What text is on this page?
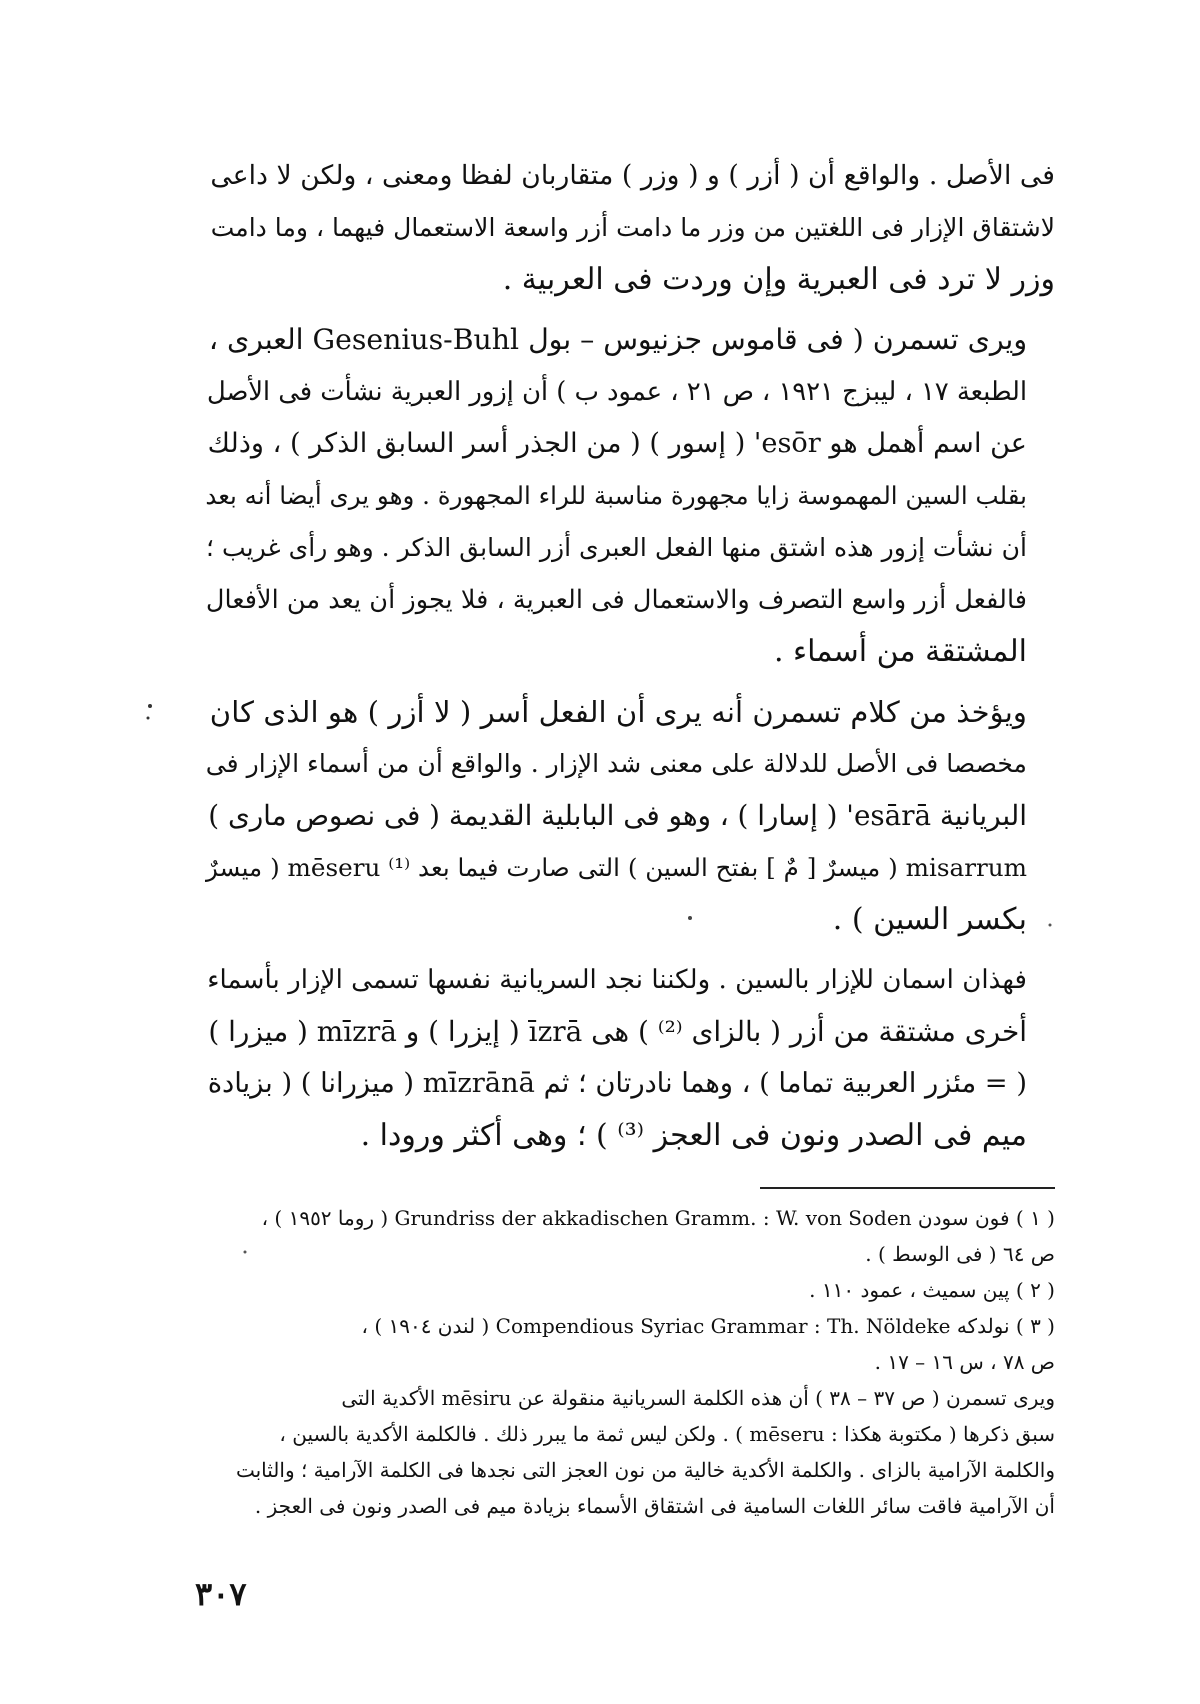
فى الأصل . والواقع أن ( أزر ) و ( وزر ) متقاربان لفظا ومعنى ، ولكن لا داعى
لاشتقاق الإزار فى اللغتين من وزر ما دامت أزر واسعة الاستعمال فيهما ، وما دامت
وزر لا ترد فى العبرية وإن وردت فى العربية .

ويرى تسمرن ( فى قاموس جزنيوس – بول Gesenius-Buhl العبرى ،
الطبعة ١٧ ، ليبزج ١٩٢١ ، ص ٢١ ، عمود ب ) أن إزور العبرية نشأت فى الأصل
عن اسم أهمل هو esōr' ( إسور ) ( من الجذر أسر السابق الذكر ) ، وذلك
بقلب السين المهموسة زايا مجهورة مناسبة للراء المجهورة . وهو يرى أيضا أنه بعد
أن نشأت إزور هذه اشتق منها الفعل العبرى أزر السابق الذكر . وهو رأى غريب ؛
فالفعل أزر واسع التصرف والاستعمال فى العبرية ، فلا يجوز أن يعد من الأفعال
المشتقة من أسماء .

ويؤخذ من كلام تسمرن أنه يرى أن الفعل أسر ( لا أزر ) هو الذى كان
مخصصا فى الأصل للدلالة على معنى شد الإزار . والواقع أن من أسماء الإزار فى
البريانية esārā' ( إسارا ) ، وهو فى البابلية القديمة ( فى نصوص مارى )
misarrum ( ميسرٌ [ مٌ ] بفتح السين ) التى صارت فيما بعد mēseru ⁽¹⁾ ( ميسرٌ
بكسر السين ) .

فهذان اسمان للإزار بالسين . ولكننا نجد السريانية نفسها تسمى الإزار بأسماء
أخرى مشتقة من أزر ( بالزاى ⁽²⁾ ) هى īzrā ( إيزرا ) و mīzrā ( ميزرا )
( = مئزر العربية تماما ) ، وهما نادرتان ؛ ثم mīzrānā ( ميزرانا ) ( بزيادة
ميم فى الصدر ونون فى العجز ⁽³⁾ ) ؛ وهى أكثر ورودا .

( ١ ) فون سودن Grundriss der akkadischen Gramm. : W. von Soden ( روما ١٩٥٢ ) ،
ص ٦٤ ( فى الوسط ) .
( ٢ ) پين سميث ، عمود ١١٠ .
( ٣ ) نولدكه Compendious Syriac Grammar : Th. Nöldeke ( لندن ١٩٠٤ ) ،
ص ٧٨ ، س ١٦ – ١٧ .
ويرى تسمرن ( ص ٣٧ – ٣٨ ) أن هذه الكلمة السريانية منقولة عن mēsiru الأكدية التى
سبق ذكرها ( مكتوبة هكذا : mēseru ) . ولكن ليس ثمة ما يبرر ذلك . فالكلمة الأكدية بالسين ،
والكلمة الآرامية بالزاى . والكلمة الأكدية خالية من نون العجز التى نجدها فى الكلمة الآرامية ؛ والثابت
أن الآرامية فاقت سائر اللغات السامية فى اشتقاق الأسماء بزيادة ميم فى الصدر ونون فى العجز .
٣٠٧
